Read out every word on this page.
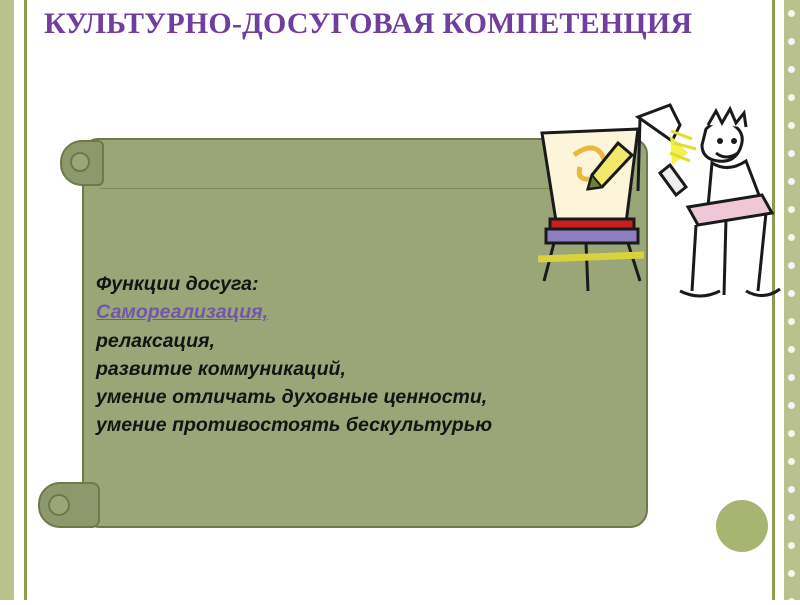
КУЛЬТУРНО-ДОСУГОВАЯ КОМПЕТЕНЦИЯ
Функции досуга:
Самореализация,
релаксация,
развитие коммуникаций,
умение отличать духовные ценности,
умение противостоять бескультурью
